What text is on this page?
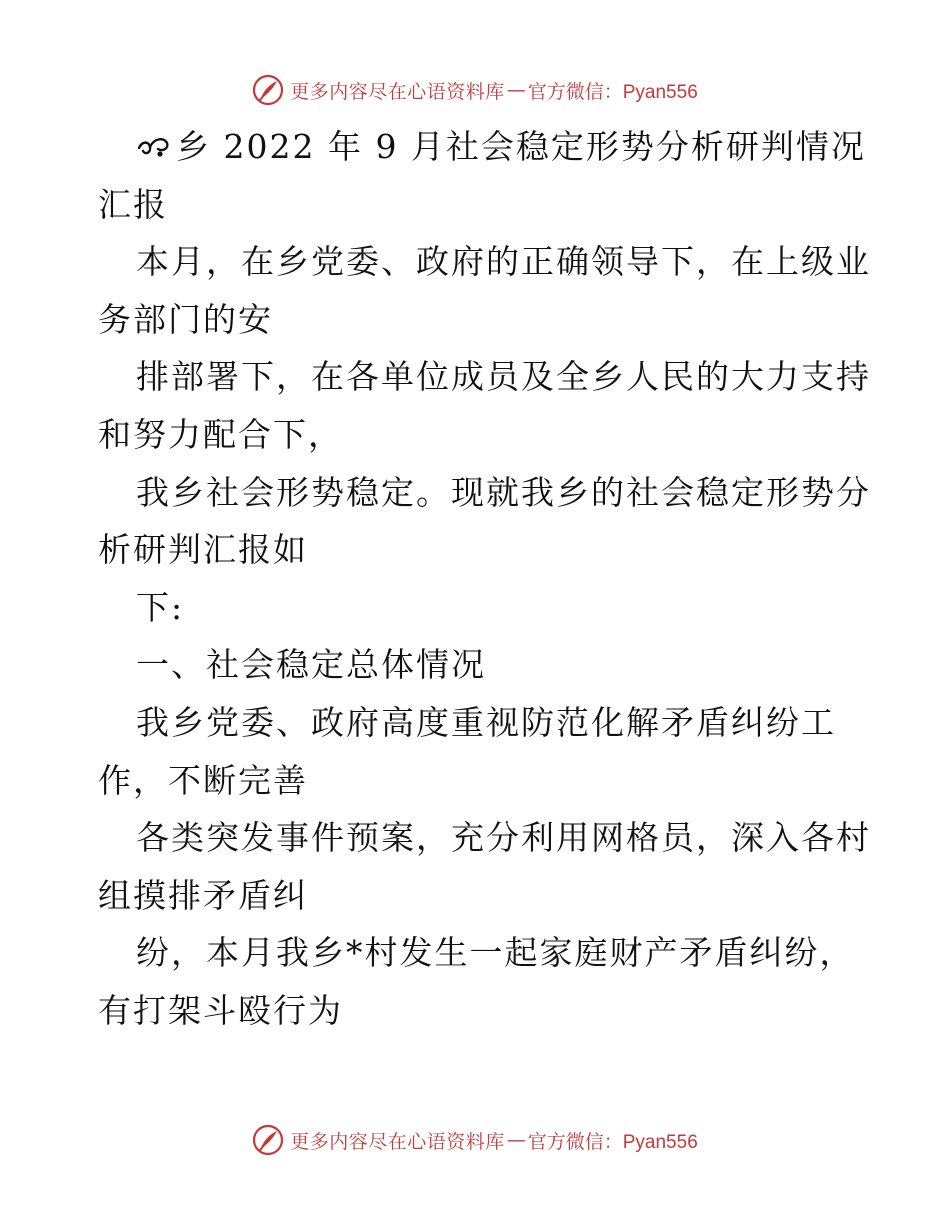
更多内容尽在心语资料库 — 官方微信：Pyan556
乡 2022 年 9 月社会稳定形势分析研判情况
汇报
本月，在乡党委、政府的正确领导下，在上级业
务部门的安
排部署下，在各单位成员及全乡人民的大力支持
和努力配合下，
我乡社会形势稳定。现就我乡的社会稳定形势分
析研判汇报如
下:
一、社会稳定总体情况
我乡党委、政府高度重视防范化解矛盾纠纷工
作，不断完善
各类突发事件预案，充分利用网格员，深入各村
组摸排矛盾纠
纷，本月我乡*村发生一起家庭财产矛盾纠纷，
有打架斗殴行为
更多内容尽在心语资料库 — 官方微信：Pyan556
